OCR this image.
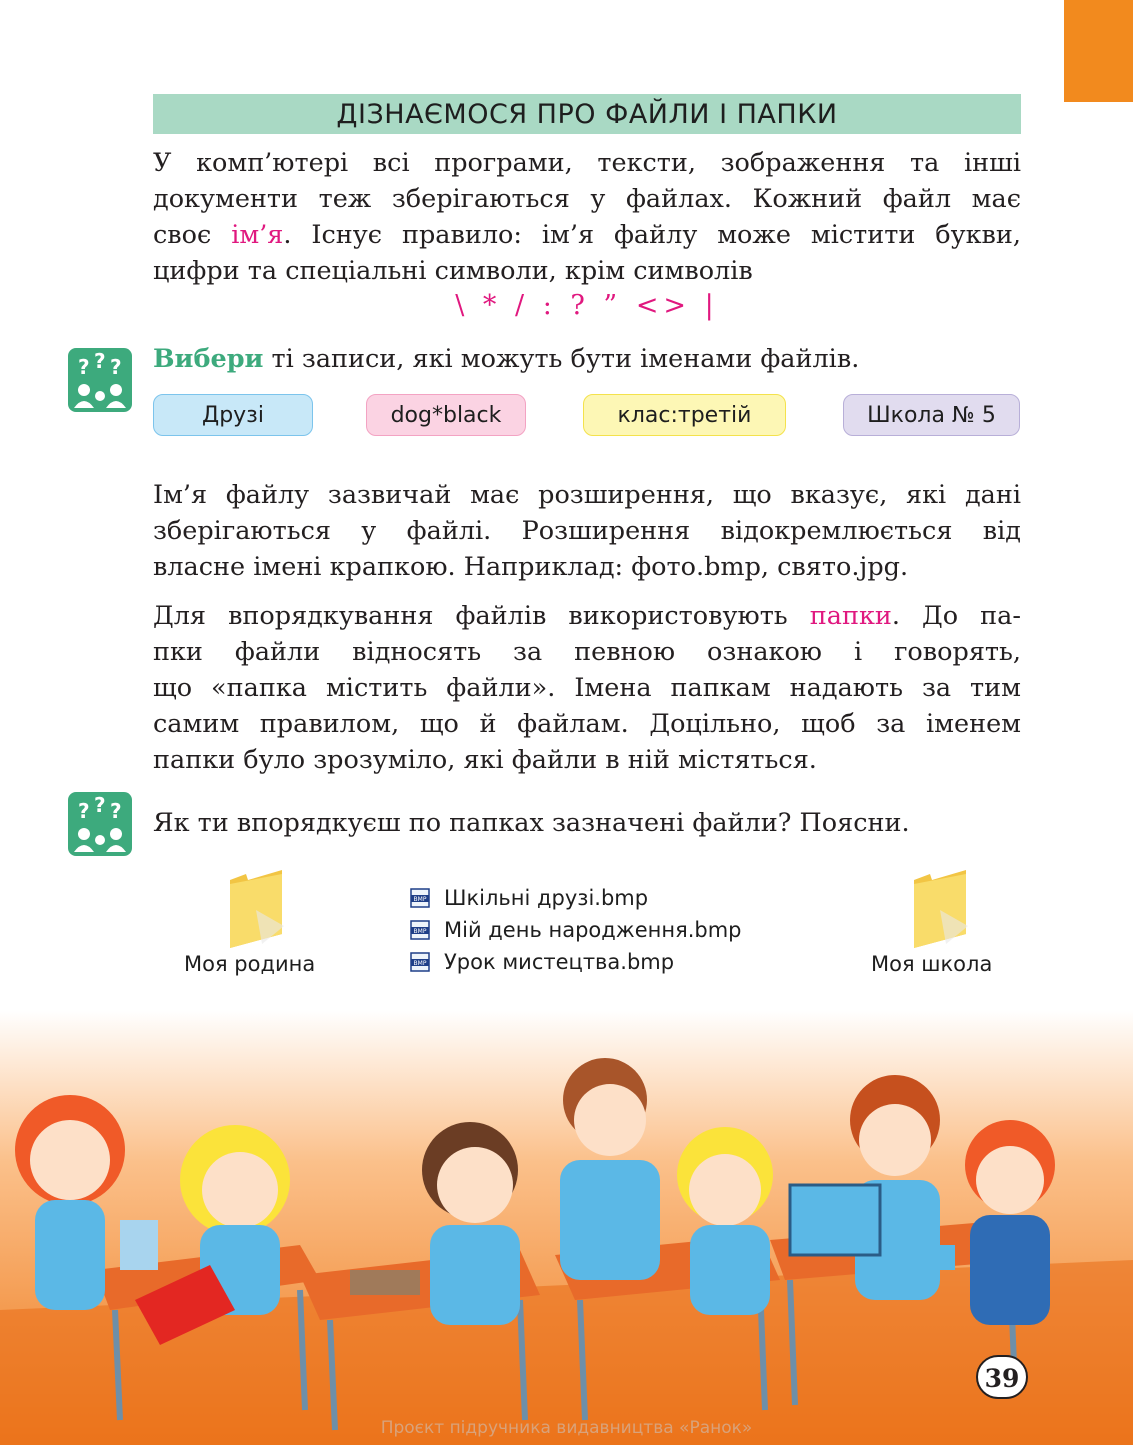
ДІЗНАЄМОСЯ ПРО ФАЙЛИ І ПАПКИ
У комп’ютері всі програми, тексти, зображення та інші
документи теж зберігаються у файлах. Кожний файл має
своє ім’я. Існує правило: ім’я файлу може містити букви,
цифри та спеціальні символи, крім символів
\ * / : ? ” <> |
? ? ? Вибери ті записи, які можуть бути іменами файлів.
Друзі	dog*black	клас:третій	Школа № 5
Ім’я файлу зазвичай має розширення, що вказує, які дані
зберігаються у файлі. Розширення відокремлюється від
власне імені крапкою. Наприклад: фото.bmp, свято.jpg.
Для впорядкування файлів використовують папки. До па-
пки файли відносять за певною ознакою і говорять,
що «папка містить файли». Імена папкам надають за тим
самим правилом, що й файлам. Доцільно, щоб за іменем
папки було зрозуміло, які файли в ній містяться.
? ? ? Як ти впорядкуєш по папках зазначені файли? Поясни.
Моя родина	Моя школа
BMP Шкільні друзі.bmp
BMP Мій день народження.bmp
BMP Урок мистецтва.bmp
39
Проєкт підручника видавництва «Ранок»
